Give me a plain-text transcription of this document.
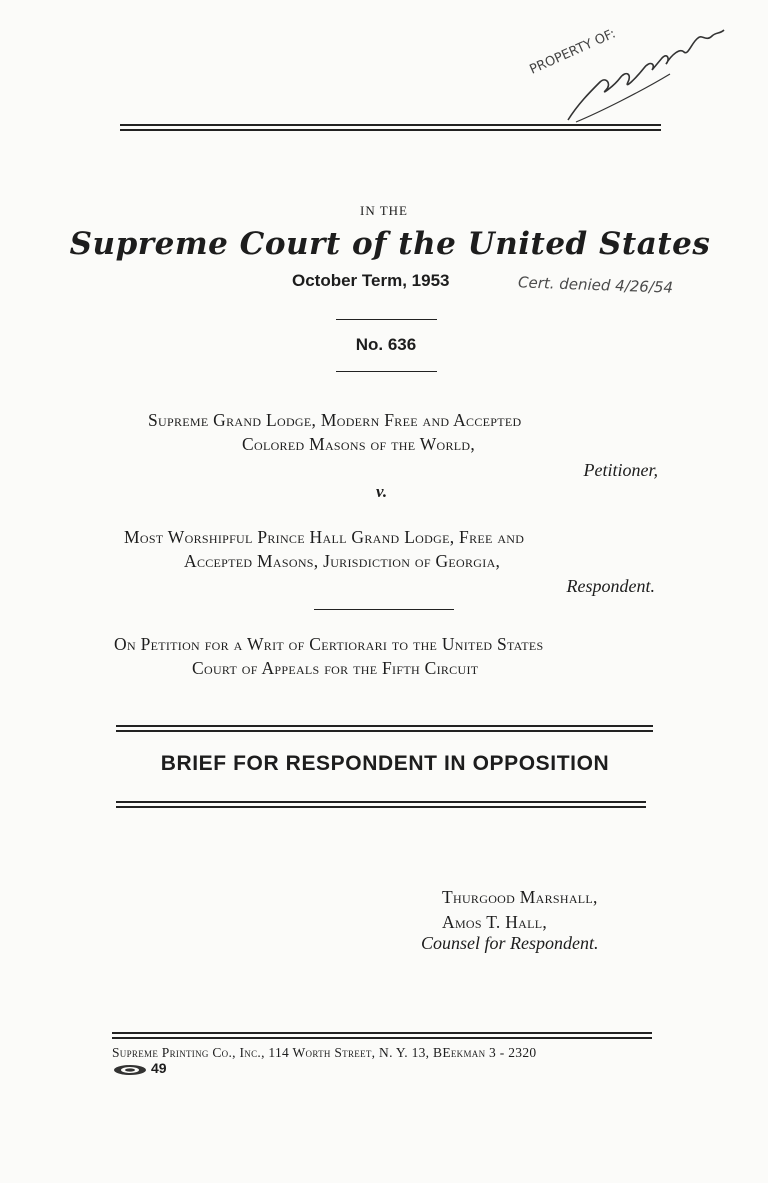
PROPERTY OF:
IN THE
Supreme Court of the United States
October Term, 1953	Cert. denied 4/26/54
No. 636
Supreme Grand Lodge, Modern Free and Accepted
Colored Masons of the World,
Petitioner,
v.
Most Worshipful Prince Hall Grand Lodge, Free and
Accepted Masons, Jurisdiction of Georgia,
Respondent.
On Petition for a Writ of Certiorari to the United States
Court of Appeals for the Fifth Circuit
BRIEF FOR RESPONDENT IN OPPOSITION
Thurgood Marshall,
Amos T. Hall,
Counsel for Respondent.
Supreme Printing Co., Inc., 114 Worth Street, N. Y. 13, BEekman 3 - 2320
49
